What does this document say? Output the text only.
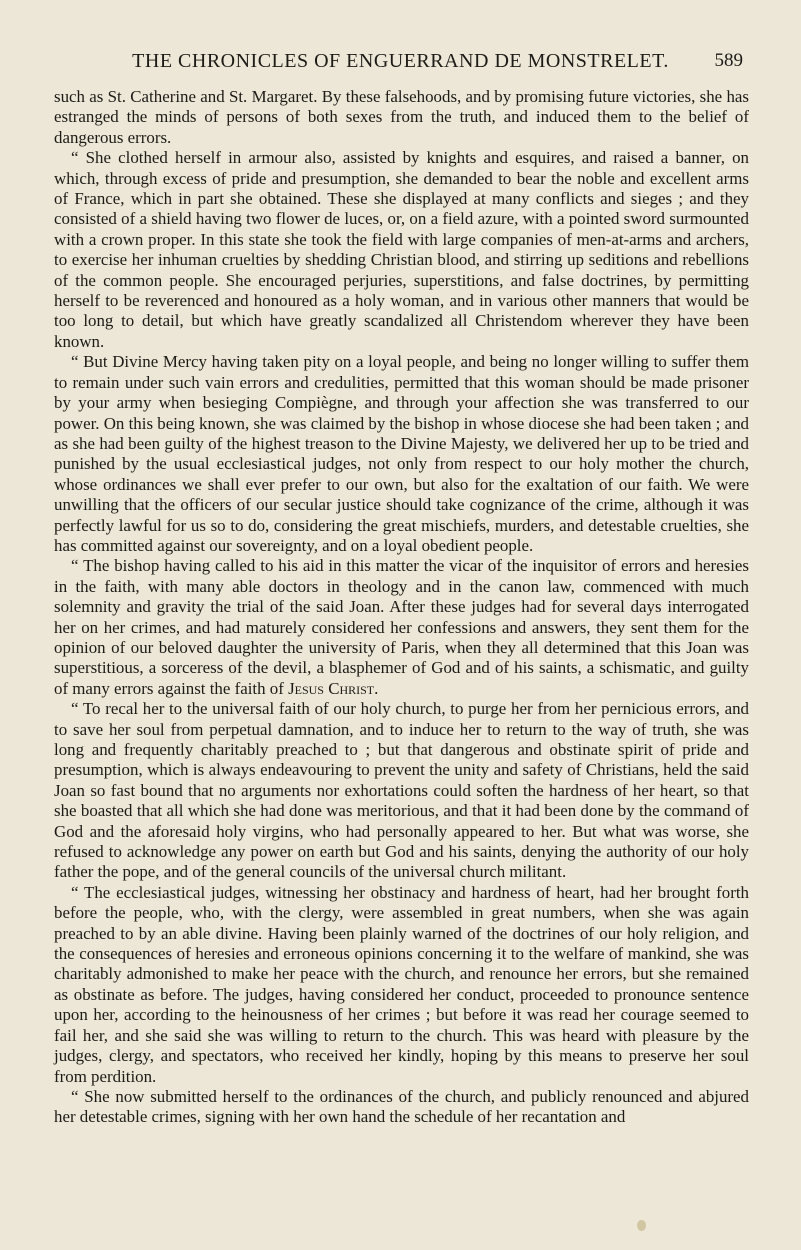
THE CHRONICLES OF ENGUERRAND DE MONSTRELET.	589

such as St. Catherine and St. Margaret. By these falsehoods, and by promising future victories, she has estranged the minds of persons of both sexes from the truth, and induced them to the belief of dangerous errors.

“ She clothed herself in armour also, assisted by knights and esquires, and raised a banner, on which, through excess of pride and presumption, she demanded to bear the noble and excellent arms of France, which in part she obtained. These she displayed at many conflicts and sieges ; and they consisted of a shield having two flower de luces, or, on a field azure, with a pointed sword surmounted with a crown proper. In this state she took the field with large companies of men-at-arms and archers, to exercise her inhuman cruelties by shedding Christian blood, and stirring up seditions and rebellions of the common people. She encouraged perjuries, superstitions, and false doctrines, by permitting herself to be reverenced and honoured as a holy woman, and in various other manners that would be too long to detail, but which have greatly scandalized all Christendom wherever they have been known.

“ But Divine Mercy having taken pity on a loyal people, and being no longer willing to suffer them to remain under such vain errors and credulities, permitted that this woman should be made prisoner by your army when besieging Compiègne, and through your affection she was transferred to our power. On this being known, she was claimed by the bishop in whose diocese she had been taken ; and as she had been guilty of the highest treason to the Divine Majesty, we delivered her up to be tried and punished by the usual ecclesiastical judges, not only from respect to our holy mother the church, whose ordinances we shall ever prefer to our own, but also for the exaltation of our faith. We were unwilling that the officers of our secular justice should take cognizance of the crime, although it was perfectly lawful for us so to do, considering the great mischiefs, murders, and detestable cruelties, she has committed against our sovereignty, and on a loyal obedient people.

“ The bishop having called to his aid in this matter the vicar of the inquisitor of errors and heresies in the faith, with many able doctors in theology and in the canon law, commenced with much solemnity and gravity the trial of the said Joan. After these judges had for several days interrogated her on her crimes, and had maturely considered her confessions and answers, they sent them for the opinion of our beloved daughter the university of Paris, when they all determined that this Joan was superstitious, a sorceress of the devil, a blasphemer of God and of his saints, a schismatic, and guilty of many errors against the faith of Jesus Christ.

“ To recal her to the universal faith of our holy church, to purge her from her pernicious errors, and to save her soul from perpetual damnation, and to induce her to return to the way of truth, she was long and frequently charitably preached to ; but that dangerous and obstinate spirit of pride and presumption, which is always endeavouring to prevent the unity and safety of Christians, held the said Joan so fast bound that no arguments nor exhortations could soften the hardness of her heart, so that she boasted that all which she had done was meritorious, and that it had been done by the command of God and the aforesaid holy virgins, who had personally appeared to her. But what was worse, she refused to acknowledge any power on earth but God and his saints, denying the authority of our holy father the pope, and of the general councils of the universal church militant.

“ The ecclesiastical judges, witnessing her obstinacy and hardness of heart, had her brought forth before the people, who, with the clergy, were assembled in great numbers, when she was again preached to by an able divine. Having been plainly warned of the doctrines of our holy religion, and the consequences of heresies and erroneous opinions concerning it to the welfare of mankind, she was charitably admonished to make her peace with the church, and renounce her errors, but she remained as obstinate as before. The judges, having considered her conduct, proceeded to pronounce sentence upon her, according to the heinousness of her crimes ; but before it was read her courage seemed to fail her, and she said she was willing to return to the church. This was heard with pleasure by the judges, clergy, and spectators, who received her kindly, hoping by this means to preserve her soul from perdition.

“ She now submitted herself to the ordinances of the church, and publicly renounced and abjured her detestable crimes, signing with her own hand the schedule of her recantation and
